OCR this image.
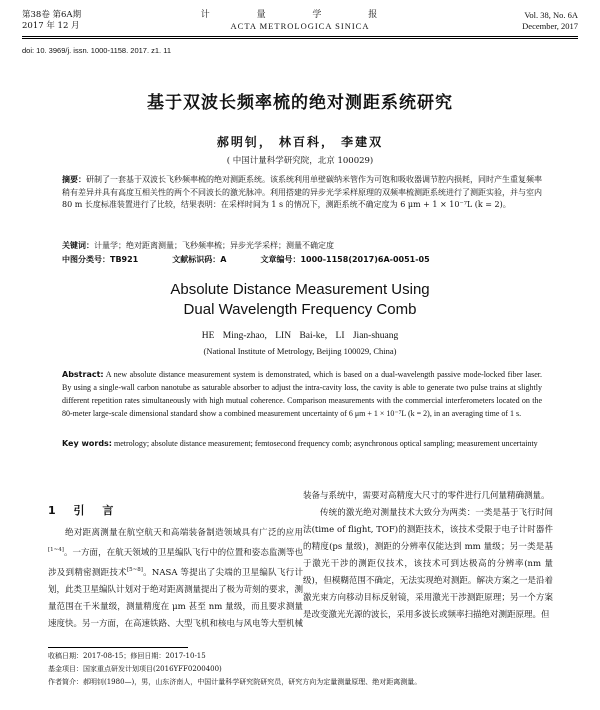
第38卷 第6A期
2017 年 12 月
计 量 学 报
ACTA METROLOGICA SINICA
Vol. 38, No. 6A
December, 2017
doi: 10. 3969/j. issn. 1000-1158. 2017. z1. 11
基于双波长频率梳的绝对测距系统研究
郝明钊， 林百科， 李建双
( 中国计量科学研究院，北京 100029)
摘要：研制了一套基于双波长飞秒频率梳的绝对测距系统。该系统利用单壁碳纳米管作为可饱和吸收器调节腔内损耗，同时产生重复频率稍有差异并具有高度互相关性的两个不同波长的激光脉冲。利用搭建的异步光学采样原理的双频率梳测距系统进行了测距实验，并与室内 80 m 长度标准装置进行了比较，结果表明：在采样时间为 1 s 的情况下，测距系统不确定度为 6 μm + 1 × 10⁻⁷L (k = 2)。
关键词：计量学；绝对距离测量；飞秒频率梳；异步光学采样；测量不确定度
中图分类号：TB921	文献标识码：A	文章编号：1000-1158(2017)6A-0051-05
Absolute Distance Measurement Using
Dual Wavelength Frequency Comb
HE Ming-zhao, LIN Bai-ke, LI Jian-shuang
(National Institute of Metrology, Beijing 100029, China)
Abstract: A new absolute distance measurement system is demonstrated, which is based on a dual-wavelength passive mode-locked fiber laser. By using a single-wall carbon nanotube as saturable absorber to adjust the intra-cavity loss, the cavity is able to generate two pulse trains at slightly different repetition rates simultaneously with high mutual coherence. Comparison measurements with the commercial interferometers located on the 80-meter large-scale dimensional standard show a combined measurement uncertainty of 6 μm + 1 × 10⁻⁷L (k = 2), in an averaging time of 1 s.
Key words: metrology; absolute distance measurement; femtosecond frequency comb; asynchronous optical sampling; measurement uncertainty
1 引 言

绝对距离测量在航空航天和高端装备制造领域具有广泛的应用[1~4]。一方面，在航天领域的卫星编队飞行中的位置和姿态监测等也涉及到精密测距技术[5~8]。NASA 等提出了尖端的卫星编队飞行计划，此类卫星编队计划对于绝对距离测量提出了极为苛刻的要求，测量范围在千米量级，测量精度在 μm 甚至 nm 量级，而且要求测量速度快。另一方面，在高速铁路、大型飞机和核电与风电等大型机械

装备与系统中，需要对高精度大尺寸的零件进行几何量精确测量。

传统的激光绝对测量技术大致分为两类：一类是基于飞行时间法(time of flight, TOF)的测距技术，该技术受限于电子计时器件的精度(ps 量级)，测距的分辨率仅能达到 mm 量级；另一类是基于激光干涉的测距仪技术，该技术可到达极高的分辨率(nm 量级)，但模糊范围不确定，无法实现绝对测距。解决方案之一是沿着激光束方向移动目标反射镜，采用激光干涉测距原理；另一个方案是改变激光光源的波长，采用多波长或频率扫描绝对测距原理。但

收稿日期：2017-08-15；修回日期：2017-10-15
基金项目：国家重点研发计划项目(2016YFF0200400)
作者简介：郝明钊(1980—)，男，山东济南人，中国计量科学研究院研究员，研究方向为定量测量原理、绝对距离测量。
